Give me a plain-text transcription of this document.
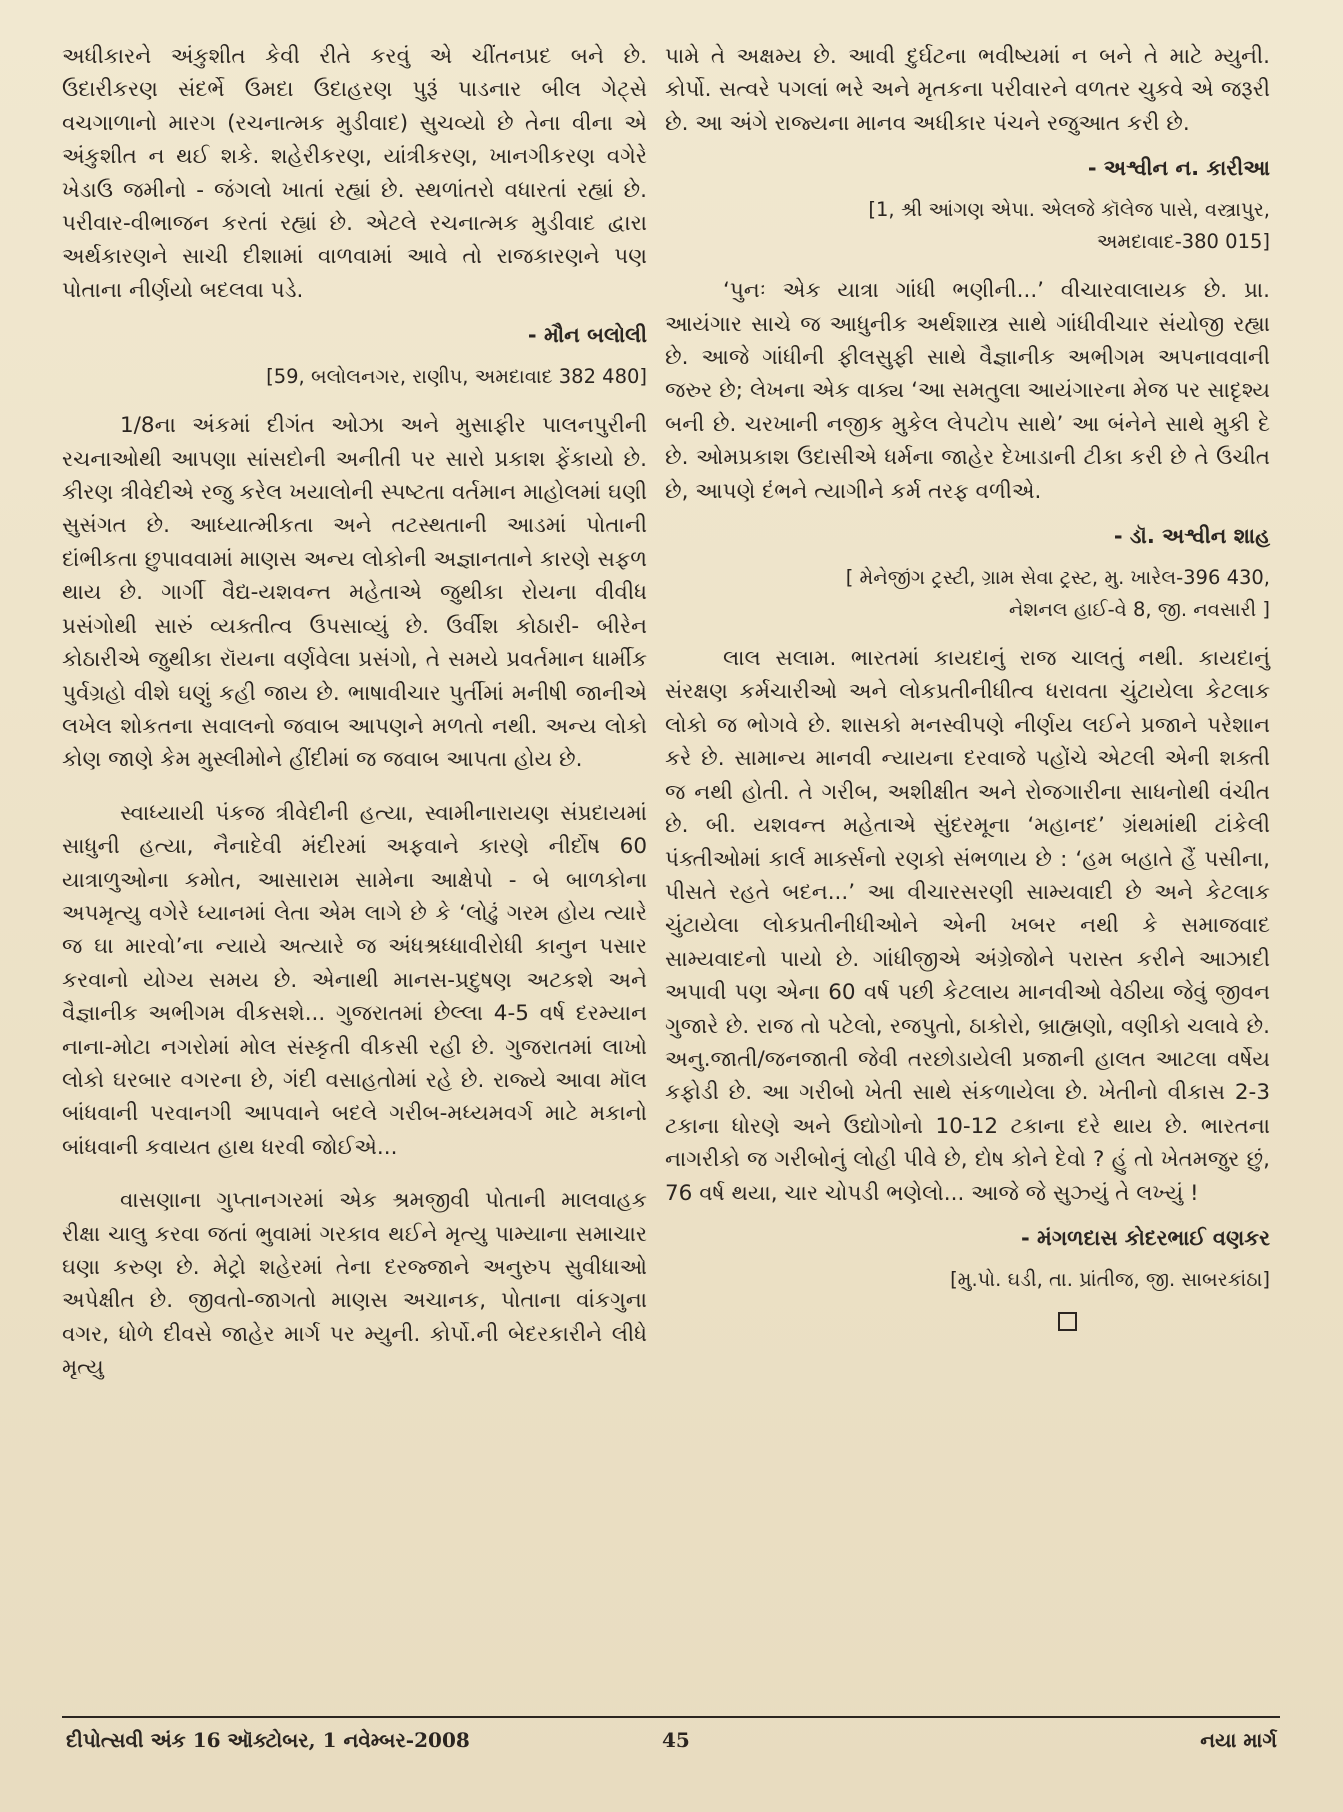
અધીકારને અંકુશીત કેવી રીતે કરવું એ ચીંતનપ્રદ બને છે. ઉદારીકરણ સંદર્ભે ઉમદા ઉદાહરણ પુરૂં પાડનાર બીલ ગેટ્સે વચગાળાનો મારગ (રચનાત્મક મુડીવાદ) સુચવ્યો છે તેના વીના એ અંકુશીત ન થઈ શકે. શહેરીકરણ, યાંત્રીકરણ, ખાનગીકરણ વગેરે ખેડાઉ જમીનો - જંગલો ખાતાં રહ્યાં છે. સ્થળાંતરો વધારતાં રહ્યાં છે. પરીવાર-વીભાજન કરતાં રહ્યાં છે. એટલે રચનાત્મક મુડીવાદ દ્વારા અર્થકારણને સાચી દીશામાં વાળવામાં આવે તો રાજકારણને પણ પોતાના નીર્ણયો બદલવા પડે.

- મૌન બલોલી
[59, બલોલનગર, રાણીપ, અમદાવાદ 382 480]

1/8ના અંકમાં દીગંત ઓઝા અને મુસાફીર પાલનપુરીની રચનાઓથી આપણા સાંસદોની અનીતી પર સારો પ્રકાશ ફેંકાયો છે. કીરણ ત્રીવેદીએ રજુ કરેલ ખયાલોની સ્પષ્ટતા વર્તમાન માહોલમાં ઘણી સુસંગત છે. આધ્યાત્મીકતા અને તટસ્થતાની આડમાં પોતાની દાંભીકતા છુપાવવામાં માણસ અન્ય લોકોની અજ્ઞાનતાને કારણે સફળ થાય છે. ગાર્ગી વૈદ્ય-યશવન્ત મહેતાએ જુથીકા રોયના વીવીધ પ્રસંગોથી સારું વ્યક્તીત્વ ઉપસાવ્યું છે. ઉર્વીશ કોઠારી- બીરેન કોઠારીએ જુથીકા રૉયના વર્ણવેલા પ્રસંગો, તે સમયે પ્રવર્તમાન ધાર્મીક પુર્વગ્રહો વીશે ઘણું કહી જાય છે. ભાષાવીચાર પુર્તીમાં મનીષી જાનીએ લખેલ શોકતના સવાલનો જવાબ આપણને મળતો નથી. અન્ય લોકો કોણ જાણે કેમ મુસ્લીમોને હીંદીમાં જ જવાબ આપતા હોય છે.

સ્વાધ્યાયી પંકજ ત્રીવેદીની હત્યા, સ્વામીનારાયણ સંપ્રદાયમાં સાધુની હત્યા, નૈનાદેવી મંદીરમાં અફવાને કારણે નીર્દોષ 60 યાત્રાળુઓના કમોત, આસારામ સામેના આક્ષેપો - બે બાળકોના અપમૃત્યુ વગેરે ધ્યાનમાં લેતા એમ લાગે છે કે ‘લોઢું ગરમ હોય ત્યારે જ ઘા મારવો’ના ન્યાયે અત્યારે જ અંધશ્રધ્ધાવીરોધી કાનુન પસાર કરવાનો યોગ્ય સમય છે. એનાથી માનસ-પ્રદુષણ અટકશે અને વૈજ્ઞાનીક અભીગમ વીકસશે... ગુજરાતમાં છેલ્લા 4-5 વર્ષ દરમ્યાન નાના-મોટા નગરોમાં મોલ સંસ્કૃતી વીકસી રહી છે. ગુજરાતમાં લાખો લોકો ઘરબાર વગરના છે, ગંદી વસાહતોમાં રહે છે. રાજ્યે આવા મૉલ બાંધવાની પરવાનગી આપવાને બદલે ગરીબ-મધ્યમવર્ગ માટે મકાનો બાંધવાની કવાયત હાથ ધરવી જોઈએ...

વાસણાના ગુપ્તાનગરમાં એક શ્રમજીવી પોતાની માલવાહક રીક્ષા ચાલુ કરવા જતાં ભુવામાં ગરકાવ થઈને મૃત્યુ પામ્યાના સમાચાર ઘણા કરુણ છે. મેટ્રો શહેરમાં તેના દરજ્જાને અનુરુપ સુવીધાઓ અપેક્ષીત છે. જીવતો-જાગતો માણસ અચાનક, પોતાના વાંકગુના વગર, ધોળે દીવસે જાહેર માર્ગ પર મ્યુની. કોર્પો.ની બેદરકારીને લીધે મૃત્યુ

પામે તે અક્ષમ્ય છે. આવી દુર્ઘટના ભવીષ્યમાં ન બને તે માટે મ્યુની. કોર્પો. સત્વરે પગલાં ભરે અને મૃતકના પરીવારને વળતર ચુકવે એ જરૂરી છે. આ અંગે રાજ્યના માનવ અધીકાર પંચને રજુઆત કરી છે.

- અશ્વીન ન. કારીઆ
[1, શ્રી આંગણ એપા. એલજે કૉલેજ પાસે, વસ્ત્રાપુર,
અમદાવાદ-380 015]

‘પુનઃ એક યાત્રા ગાંધી ભણીની...’ વીચારવાલાયક છે. પ્રા. આયંગાર સાચે જ આધુનીક અર્થશાસ્ત્ર સાથે ગાંધીવીચાર સંયોજી રહ્યા છે. આજે ગાંધીની ફીલસુફી સાથે વૈજ્ઞાનીક અભીગમ અપનાવવાની જરુર છે; લેખના એક વાક્ય ‘આ સમતુલા આયંગારના મેજ પર સાદૃશ્ય બની છે. ચરખાની નજીક મુકેલ લેપટોપ સાથે’ આ બંનેને સાથે મુકી દે છે. ઓમપ્રકાશ ઉદાસીએ ધર્મના જાહેર દેખાડાની ટીકા કરી છે તે ઉચીત છે, આપણે દંભને ત્યાગીને કર્મ તરફ વળીએ.

- ડૉ. અશ્વીન શાહ
[ મેનેજીંગ ટ્રસ્ટી, ગ્રામ સેવા ટ્રસ્ટ, મુ. ખારેલ-396 430,
નેશનલ હાઈ-વે 8, જી. નવસારી ]

લાલ સલામ. ભારતમાં કાયદાનું રાજ ચાલતું નથી. કાયદાનું સંરક્ષણ કર્મચારીઓ અને લોકપ્રતીનીધીત્વ ધરાવતા ચુંટાયેલા કેટલાક લોકો જ ભોગવે છે. શાસકો મનસ્વીપણે નીર્ણય લઈને પ્રજાને પરેશાન કરે છે. સામાન્ય માનવી ન્યાયના દરવાજે પહોંચે એટલી એની શક્તી જ નથી હોતી. તે ગરીબ, અશીક્ષીત અને રોજગારીના સાધનોથી વંચીત છે. બી. યશવન્ત મહેતાએ સુંદરમૂના ‘મહાનદ’ ગ્રંથમાંથી ટાંકેલી પંક્તીઓમાં કાર્લ માર્ક્સનો રણકો સંભળાય છે : ‘હમ બહાતે હૈં પસીના, પીસતે રહતે બદન...’ આ વીચારસરણી સામ્યવાદી છે અને કેટલાક ચુંટાયેલા લોકપ્રતીનીધીઓને એની ખબર નથી કે સમાજવાદ સામ્યવાદનો પાયો છે. ગાંધીજીએ અંગ્રેજોને પરાસ્ત કરીને આઝાદી અપાવી પણ એના 60 વર્ષ પછી કેટલાય માનવીઓ વેઠીયા જેવું જીવન ગુજારે છે. રાજ તો પટેલો, રજપુતો, ઠાકોરો, બ્રાહ્મણો, વણીકો ચલાવે છે. અનુ.જાતી/જનજાતી જેવી તરછોડાયેલી પ્રજાની હાલત આટલા વર્ષેય કફોડી છે. આ ગરીબો ખેતી સાથે સંકળાયેલા છે. ખેતીનો વીકાસ 2-3 ટકાના ધોરણે અને ઉદ્યોગોનો 10-12 ટકાના દરે થાય છે. ભારતના નાગરીકો જ ગરીબોનું લોહી પીવે છે, દોષ કોને દેવો ? હું તો ખેતમજુર છું, 76 વર્ષ થયા, ચાર ચોપડી ભણેલો... આજે જે સુઝ્યું તે લખ્યું !

- મંગળદાસ કોદરભાઈ વણકર
[મુ.પો. ઘડી, તા. પ્રાંતીજ, જી. સાબરકાંઠા]
દીપોત્સવી અંક 16 ઑક્ટોબર, 1 નવેમ્બર-2008	45	નયા માર્ગ
